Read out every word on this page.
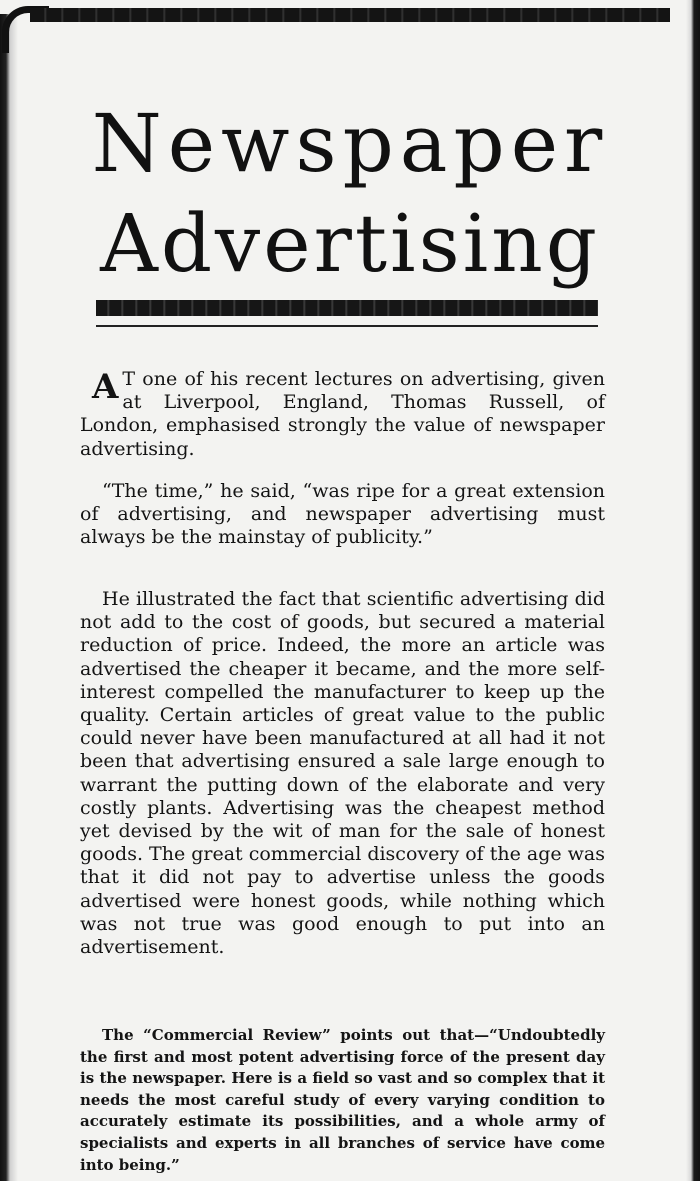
Newspaper
Advertising

A T one of his recent lectures on advertising, given at Liverpool, England, Thomas Russell, of London, emphasised strongly the value of newspaper advertising.

“The time,” he said, “was ripe for a great extension of advertising, and newspaper advertising must always be the mainstay of publicity.”

He illustrated the fact that scientific advertising did not add to the cost of goods, but secured a material reduction of price. Indeed, the more an article was advertised the cheaper it became, and the more self-interest compelled the manufacturer to keep up the quality. Certain articles of great value to the public could never have been manufactured at all had it not been that advertising ensured a sale large enough to warrant the putting down of the elaborate and very costly plants. Advertising was the cheapest method yet devised by the wit of man for the sale of honest goods. The great commercial discovery of the age was that it did not pay to advertise unless the goods advertised were honest goods, while nothing which was not true was good enough to put into an advertisement.

The “Commercial Review” points out that—“Undoubtedly the first and most potent advertising force of the present day is the newspaper. Here is a field so vast and so complex that it needs the most careful study of every varying condition to accurately estimate its possibilities, and a whole army of specialists and experts in all branches of service have come into being.”
